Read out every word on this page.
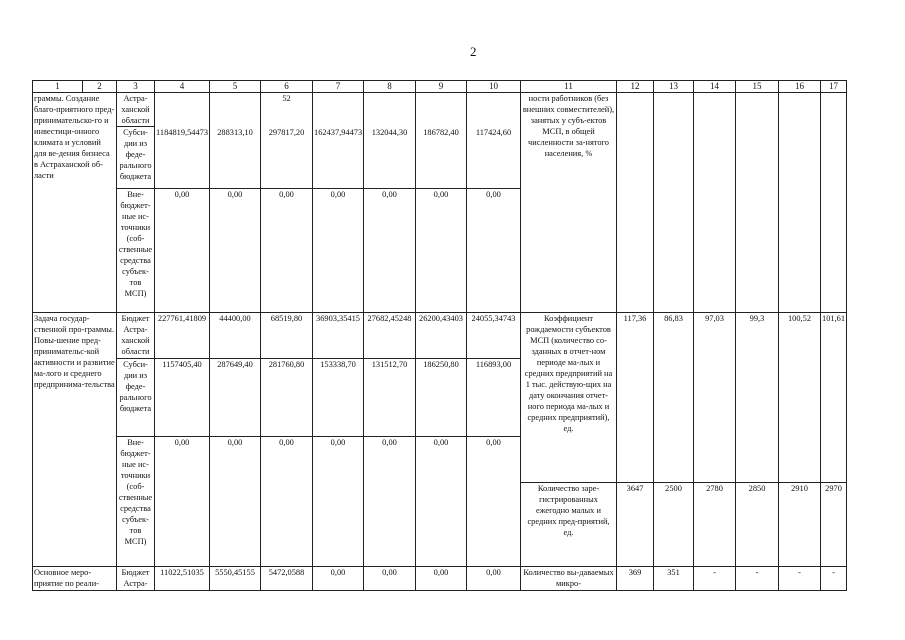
2
1	2	3	4	5	6	7	8	9	10	11	12	13	14	15	16	17
граммы. Создание благо-приятного пред-принимательско-го и инвестици-онного климата и условий для ве-дения бизнеса в Астраханской об-ласти		Астра-ханской области			52					ности работников (без внешних совместителей), занятых у субъ-ектов МСП, в общей численности за-нятого населения, %						
		Субси-дии из феде-рального бюджета	1184819,54473	288313,10	297817,20	162437,94473	132044,30	186782,40	117424,60							
		Вне-бюджет-ные ис-точники (соб-ственные средства субъек-тов МСП)	0,00	0,00	0,00	0,00	0,00	0,00	0,00							
Задача государ-ственной про-граммы. Повы-шение пред-принимательс-кой активности и развитие ма-лого и среднего предпринима-тельства		Бюджет Астра-ханской области	227761,41809	44400,00	68519,80	36903,35415	27682,45248	26200,43403	24055,34743	Коэффициент рождаемости субъектов МСП (количество со-зданных в отчет-ном периоде ма-лых и средних предприятий на 1 тыс. действую-щих на дату окончания отчет-ного периода ма-лых и средних предприятий), ед.	117,36	86,83	97,03	99,3	100,52	101,61
		Субси-дии из феде-рального бюджета	1157405,40	287649,40	281760,80	153338,70	131512,70	186250,80	116893,00							
		Вне-бюджет-ные ис-точники (соб-ственные средства субъек-тов МСП)	0,00	0,00	0,00	0,00	0,00	0,00	0,00							
										Количество заре-гистрированных ежегодно малых и средних пред-приятий, ед.	3647	2500	2780	2850	2910	2970
Основное меро-приятие по реали-		Бюджет Астра-	11022,51035	5550,45155	5472,0588	0,00	0,00	0,00	0,00	Количество вы-даваемых микро-	369	351	-	-	-	-
